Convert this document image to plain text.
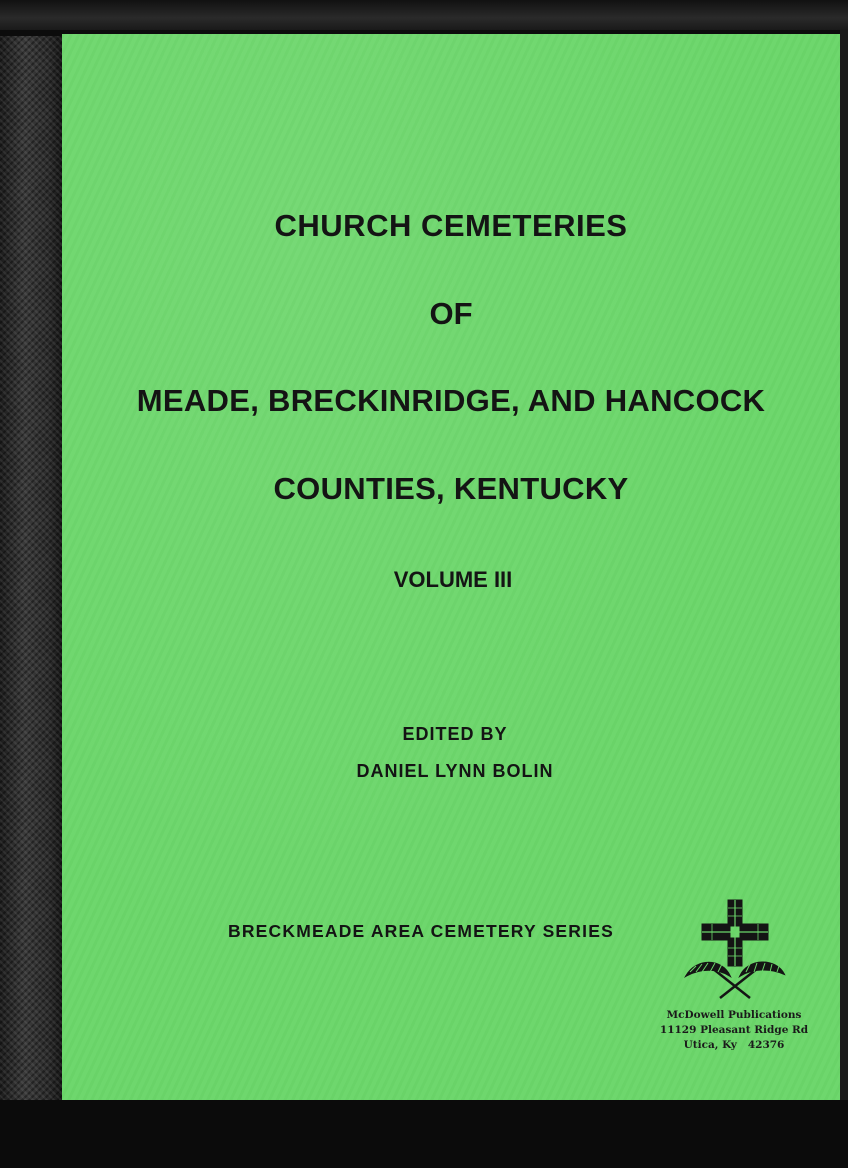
CHURCH CEMETERIES
OF
MEADE, BRECKINRIDGE, AND HANCOCK
COUNTIES, KENTUCKY
VOLUME III

EDITED BY

DANIEL LYNN BOLIN

BRECKMEADE AREA CEMETERY SERIES

McDowell Publications
11129 Pleasant Ridge Rd
Utica, Ky   42376
